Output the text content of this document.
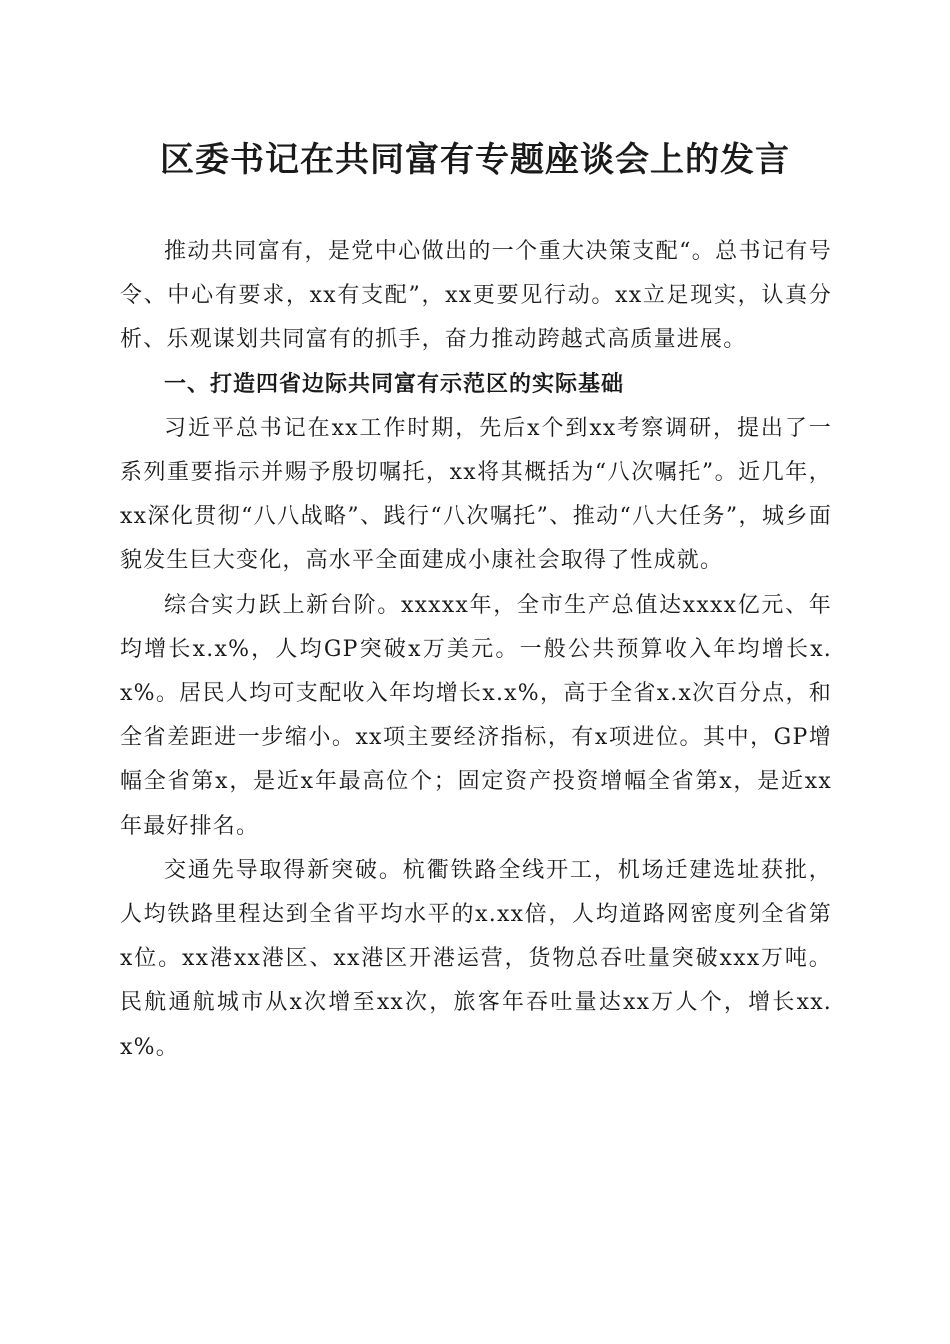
区委书记在共同富有专题座谈会上的发言

推动共同富有，是党中心做出的一个重大决策支配“。总书记有号令、中心有要求，xx有支配”，xx更要见行动。xx立足现实，认真分析、乐观谋划共同富有的抓手，奋力推动跨越式高质量进展。

一、打造四省边际共同富有示范区的实际基础

习近平总书记在xx工作时期，先后x个到xx考察调研，提出了一系列重要指示并赐予殷切嘱托，xx将其概括为“八次嘱托”。近几年，xx深化贯彻“八八战略”、践行“八次嘱托”、推动“八大任务”，城乡面貌发生巨大变化，高水平全面建成小康社会取得了性成就。

综合实力跃上新台阶。xxxxx年，全市生产总值达xxxx亿元、年均增长x.x%，人均GP突破x万美元。一般公共预算收入年均增长x.x%。居民人均可支配收入年均增长x.x%，高于全省x.x次百分点，和全省差距进一步缩小。xx项主要经济指标，有x项进位。其中，GP增幅全省第x，是近x年最高位个；固定资产投资增幅全省第x，是近xx年最好排名。

交通先导取得新突破。杭衢铁路全线开工，机场迁建选址获批，人均铁路里程达到全省平均水平的x.xx倍，人均道路网密度列全省第x位。xx港xx港区、xx港区开港运营，货物总吞吐量突破xxx万吨。民航通航城市从x次增至xx次，旅客年吞吐量达xx万人个，增长xx.x%。
